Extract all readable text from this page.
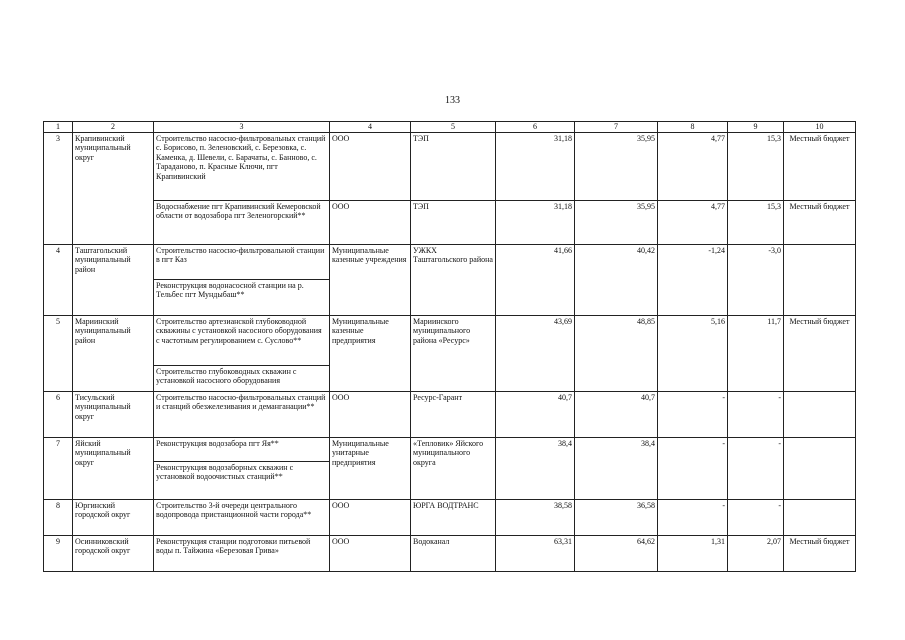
133
1	2	3	4	5	6	7	8	9	10
3	Крапивинский муниципальный округ	Строительство насосно-фильтровальных станций с. Борисово, п. Зеленовский, с. Березовка, с. Каменка, д. Шевели, с. Барачаты, с. Банново, с. Тараданово, п. Красные Ключи, пгт Крапивинский	ООО	ТЭП	31,18	35,95	4,77	15,3	Местный бюджет
		Водоснабжение пгт Крапивинский Кемеровской области от водозабора пгт Зеленогорский**	ООО	ТЭП	31,18	35,95	4,77	15,3	Местный бюджет
4	Таштагольский муниципальный район	Строительство насосно-фильтровальной станции в пгт Каз	Муниципальные казенные учреждения	УЖКХ Таштагольского района	41,66	40,42	-1,24	-3,0	
		Реконструкция водонасосной станции на р. Тельбес пгт Мундыбаш**							
5	Мариинский муниципальный район	Строительство артезианской глубоководной скважины с установкой насосного оборудования с частотным регулированием с. Суслово**	Муниципальные казенные предприятия	Мариинского муниципального района «Ресурс»	43,69	48,85	5,16	11,7	Местный бюджет
		Строительство глубоководных скважин с установкой насосного оборудования							
6	Тисульский муниципальный округ	Строительство насосно-фильтровальных станций и станций обезжелезивания и деманганации**	ООО	Ресурс-Гарант	40,7	40,7	-	-	
7	Яйский муниципальный округ	Реконструкция водозабора пгт Яя**	Муниципальные унитарные предприятия	«Тепловик» Яйского муниципального округа	38,4	38,4	-	-	
		Реконструкция водозаборных скважин с установкой водоочистных станций**							
8	Юргинский городской округ	Строительство 3-й очереди центрального водопровода пристанционной части города**	ООО	ЮРГА ВОДТРАНС	38,58	36,58	-	-	
9	Осинниковский городской округ	Реконструкция станции подготовки питьевой воды п. Тайжина «Березовая Грива»	ООО	Водоканал	63,31	64,62	1,31	2,07	Местный бюджет
